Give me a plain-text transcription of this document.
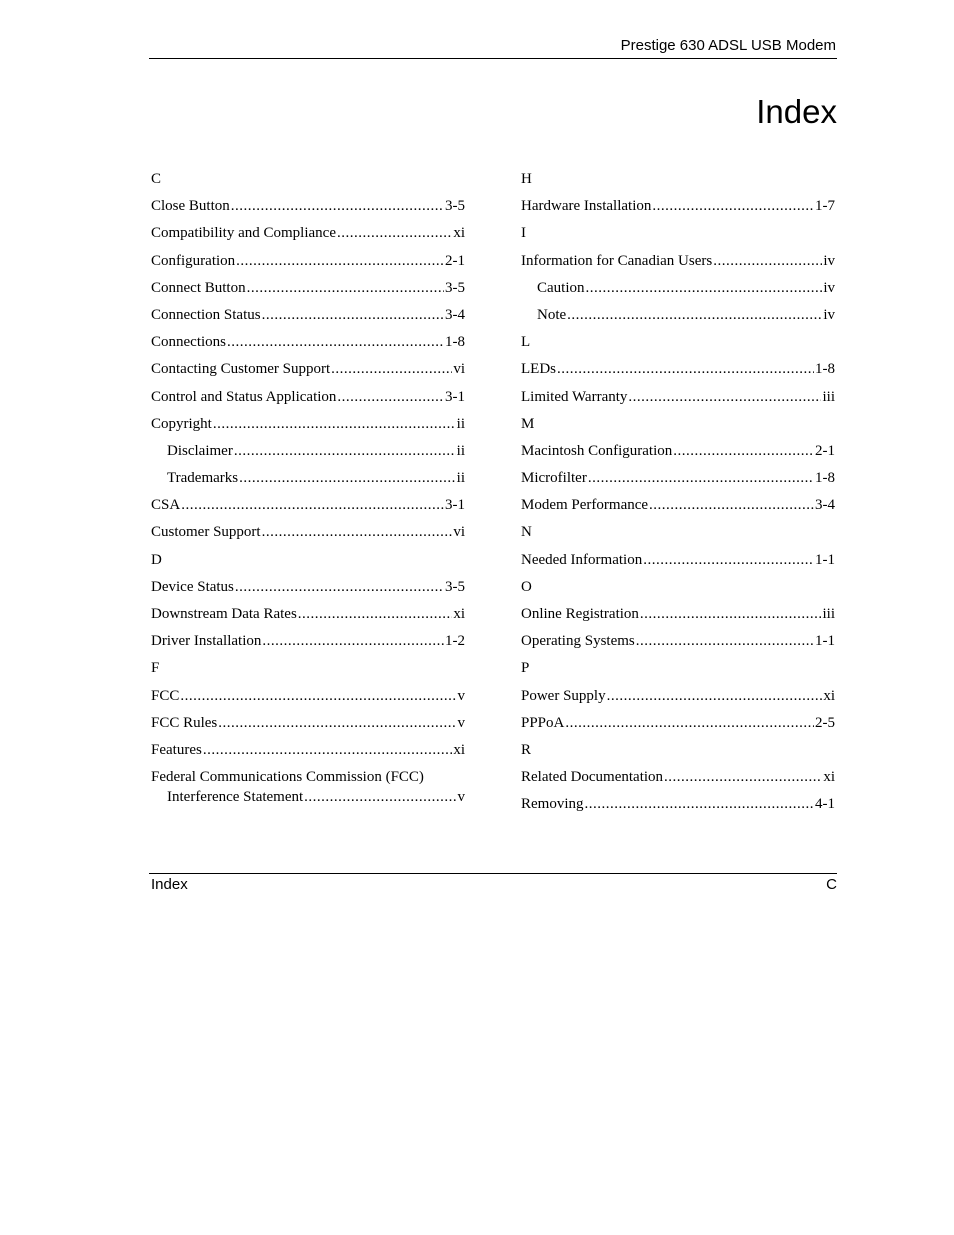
Prestige 630 ADSL USB Modem
Index
C
Close Button .....	3-5
Compatibility and Compliance .....	xi
Configuration .....	2-1
Connect Button .....	3-5
Connection Status .....	3-4
Connections .....	1-8
Contacting Customer Support .....	vi
Control and Status Application .....	3-1
Copyright .....	ii
Disclaimer .....	ii
Trademarks .....	ii
CSA .....	3-1
Customer Support .....	vi
D
Device Status .....	3-5
Downstream Data Rates .....	xi
Driver Installation .....	1-2
F
FCC .....	v
FCC Rules .....	v
Features .....	xi
Federal Communications Commission (FCC)
Interference Statement .....	v
H
Hardware Installation .....	1-7
I
Information for Canadian Users .....	iv
Caution .....	iv
Note .....	iv
L
LEDs .....	1-8
Limited Warranty .....	iii
M
Macintosh Configuration .....	2-1
Microfilter .....	1-8
Modem Performance .....	3-4
N
Needed Information .....	1-1
O
Online Registration .....	iii
Operating Systems .....	1-1
P
Power Supply .....	xi
PPPoA .....	2-5
R
Related Documentation .....	xi
Removing .....	4-1
Index	C
